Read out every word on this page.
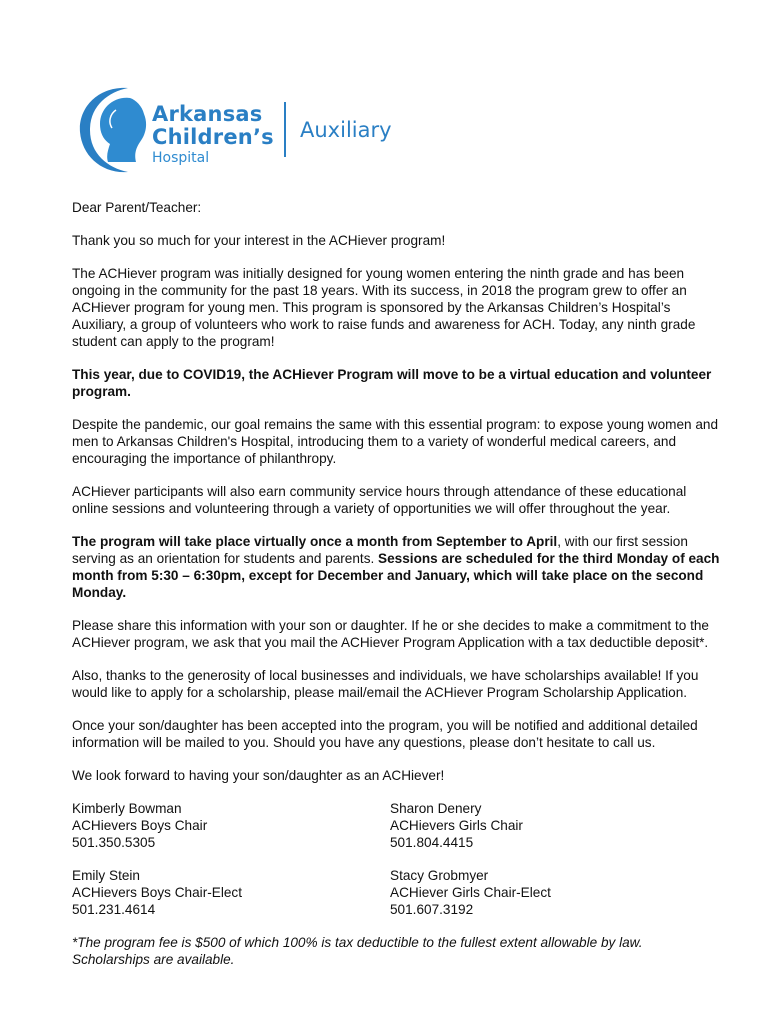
Arkansas
Children’s
Hospital
Auxiliary

Dear Parent/Teacher:

Thank you so much for your interest in the ACHiever program!

The ACHiever program was initially designed for young women entering the ninth grade and has been ongoing in the community for the past 18 years. With its success, in 2018 the program grew to offer an ACHiever program for young men. This program is sponsored by the Arkansas Children’s Hospital’s Auxiliary, a group of volunteers who work to raise funds and awareness for ACH. Today, any ninth grade student can apply to the program!

This year, due to COVID19, the ACHiever Program will move to be a virtual education and volunteer program.

Despite the pandemic, our goal remains the same with this essential program: to expose young women and men to Arkansas Children's Hospital, introducing them to a variety of wonderful medical careers, and encouraging the importance of philanthropy.

ACHiever participants will also earn community service hours through attendance of these educational online sessions and volunteering through a variety of opportunities we will offer throughout the year.

The program will take place virtually once a month from September to April, with our first session serving as an orientation for students and parents. Sessions are scheduled for the third Monday of each month from 5:30 – 6:30pm, except for December and January, which will take place on the second Monday.

Please share this information with your son or daughter. If he or she decides to make a commitment to the ACHiever program, we ask that you mail the ACHiever Program Application with a tax deductible deposit*.

Also, thanks to the generosity of local businesses and individuals, we have scholarships available! If you would like to apply for a scholarship, please mail/email the ACHiever Program Scholarship Application.

Once your son/daughter has been accepted into the program, you will be notified and additional detailed information will be mailed to you. Should you have any questions, please don’t hesitate to call us.

We look forward to having your son/daughter as an ACHiever!

Kimberly Bowman
ACHievers Boys Chair
501.350.5305
Sharon Denery
ACHievers Girls Chair
501.804.4415
Emily Stein
ACHievers Boys Chair-Elect
501.231.4614
Stacy Grobmyer
ACHiever Girls Chair-Elect
501.607.3192

*The program fee is $500 of which 100% is tax deductible to the fullest extent allowable by law. Scholarships are available.
